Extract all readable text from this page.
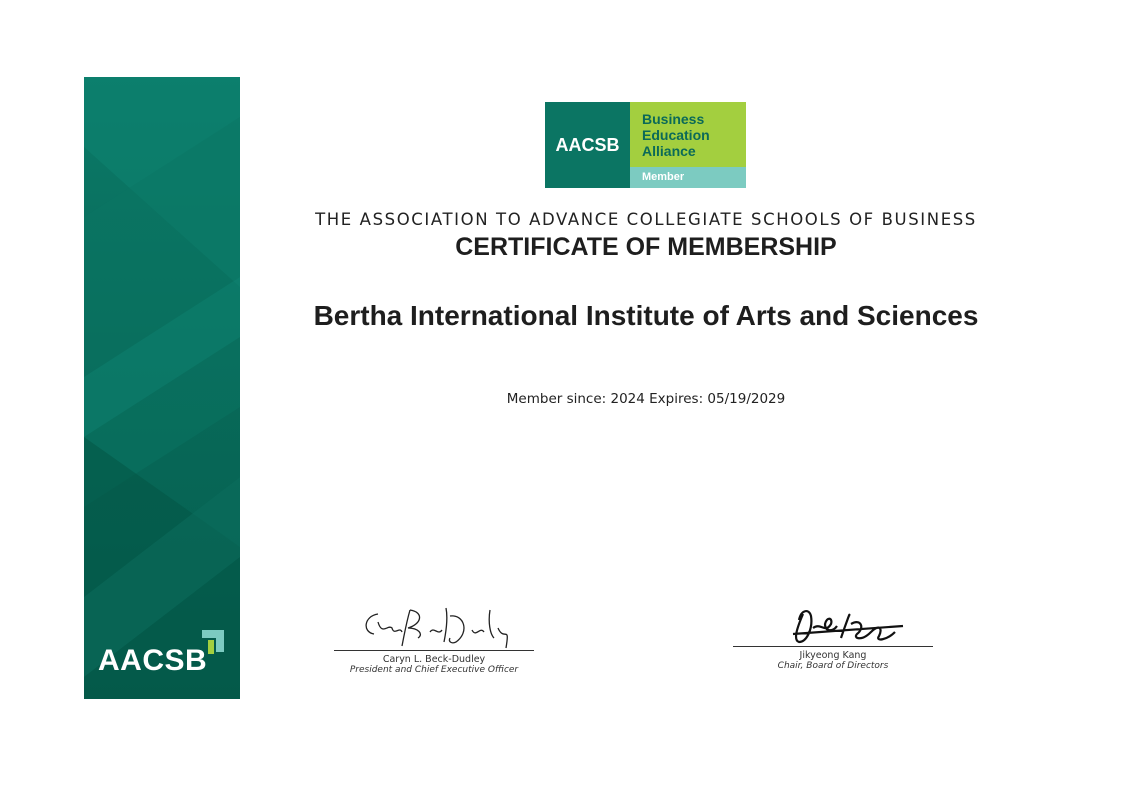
AACSB
AACSB
Business
Education
Alliance
Member
THE ASSOCIATION TO ADVANCE COLLEGIATE SCHOOLS OF BUSINESS
CERTIFICATE OF MEMBERSHIP
Bertha International Institute of Arts and Sciences
Member since: 2024 Expires: 05/19/2029
Caryn L. Beck-Dudley
President and Chief Executive Officer
Jikyeong Kang
Chair, Board of Directors
